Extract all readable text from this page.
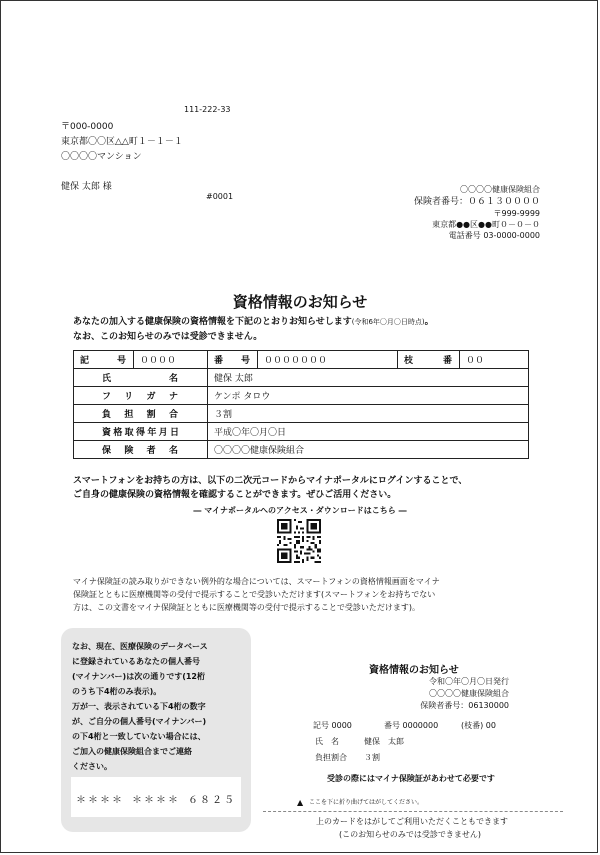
111-222-33
〒000-0000
東京都〇〇区△△町１－１－１
〇〇〇〇マンション
健保 太郎 様
#0001
〇〇〇〇健康保険組合
保険者番号：０６１３００００
〒999-9999
東京都●●区●●町０－０－０
電話番号 03-0000-0000
資格情報のお知らせ
あなたの加入する健康保険の資格情報を下記のとおりお知らせします(令和6年〇月〇日時点)。
なお、このお知らせのみでは受診できません。
記　号	００００	番　号	０００００００	枝　番	００
氏名		健保 太郎			
フリガナ		ケンポ タロウ			
負担割合		３割			
資格取得年月日		平成〇年〇月〇日			
保険者名		〇〇〇〇健康保険組合			
スマートフォンをお持ちの方は、以下の二次元コードからマイナポータルにログインすることで、
ご自身の健康保険の資格情報を確認することができます。ぜひご活用ください。
― マイナポータルへのアクセス・ダウンロードはこちら ―
マイナ保険証の読み取りができない例外的な場合については、スマートフォンの資格情報画面をマイナ
保険証とともに医療機関等の受付で提示することで受診いただけます(スマートフォンをお持ちでない
方は、この文書をマイナ保険証とともに医療機関等の受付で提示することで受診いただけます)。
なお、現在、医療保険のデータベース
に登録されているあなたの個人番号
(マイナンバー)は次の通りです(12桁
のうち下4桁のみ表示)。
万が一、表示されている下4桁の数字
が、ご自分の個人番号(マイナンバー)
の下4桁と一致していない場合には、
ご加入の健康保険組合までご連絡
ください。
＊＊＊＊ ＊＊＊＊ ６８２５
資格情報のお知らせ
令和〇年〇月〇日発行
〇〇〇〇健康保険組合
保険者番号：06130000
記号 0000	番号 0000000	(枝番) 00
氏　名	健保　太郎
負担割合 ３割
受診の際にはマイナ保険証があわせて必要です
▲ ここを下に折り曲げてはがしてください。
上のカードをはがしてご利用いただくこともできます
(このお知らせのみでは受診できません)
